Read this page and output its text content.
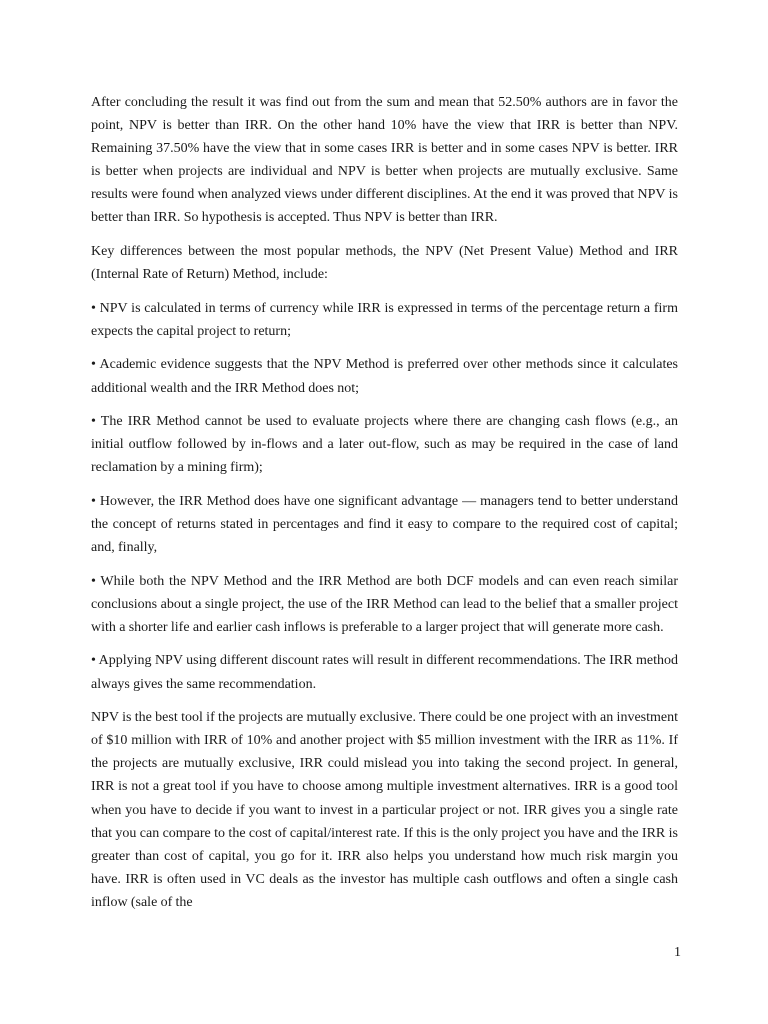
After concluding the result it was find out from the sum and mean that 52.50% authors are in favor the point, NPV is better than IRR. On the other hand 10% have the view that IRR is better than NPV. Remaining 37.50% have the view that in some cases IRR is better and in some cases NPV is better. IRR is better when projects are individual and NPV is better when projects are mutually exclusive. Same results were found when analyzed views under different disciplines. At the end it was proved that NPV is better than IRR. So hypothesis is accepted. Thus NPV is better than IRR.

Key differences between the most popular methods, the NPV (Net Present Value) Method and IRR (Internal Rate of Return) Method, include:

• NPV is calculated in terms of currency while IRR is expressed in terms of the percentage return a firm expects the capital project to return;

• Academic evidence suggests that the NPV Method is preferred over other methods since it calculates additional wealth and the IRR Method does not;

• The IRR Method cannot be used to evaluate projects where there are changing cash flows (e.g., an initial outflow followed by in-flows and a later out-flow, such as may be required in the case of land reclamation by a mining firm);

• However, the IRR Method does have one significant advantage — managers tend to better understand the concept of returns stated in percentages and find it easy to compare to the required cost of capital; and, finally,

• While both the NPV Method and the IRR Method are both DCF models and can even reach similar conclusions about a single project, the use of the IRR Method can lead to the belief that a smaller project with a shorter life and earlier cash inflows is preferable to a larger project that will generate more cash.

• Applying NPV using different discount rates will result in different recommendations. The IRR method always gives the same recommendation.

NPV is the best tool if the projects are mutually exclusive. There could be one project with an investment of $10 million with IRR of 10% and another project with $5 million investment with the IRR as 11%. If the projects are mutually exclusive, IRR could mislead you into taking the second project. In general, IRR is not a great tool if you have to choose among multiple investment alternatives. IRR is a good tool when you have to decide if you want to invest in a particular project or not. IRR gives you a single rate that you can compare to the cost of capital/interest rate. If this is the only project you have and the IRR is greater than cost of capital, you go for it. IRR also helps you understand how much risk margin you have. IRR is often used in VC deals as the investor has multiple cash outflows and often a single cash inflow (sale of the

1
